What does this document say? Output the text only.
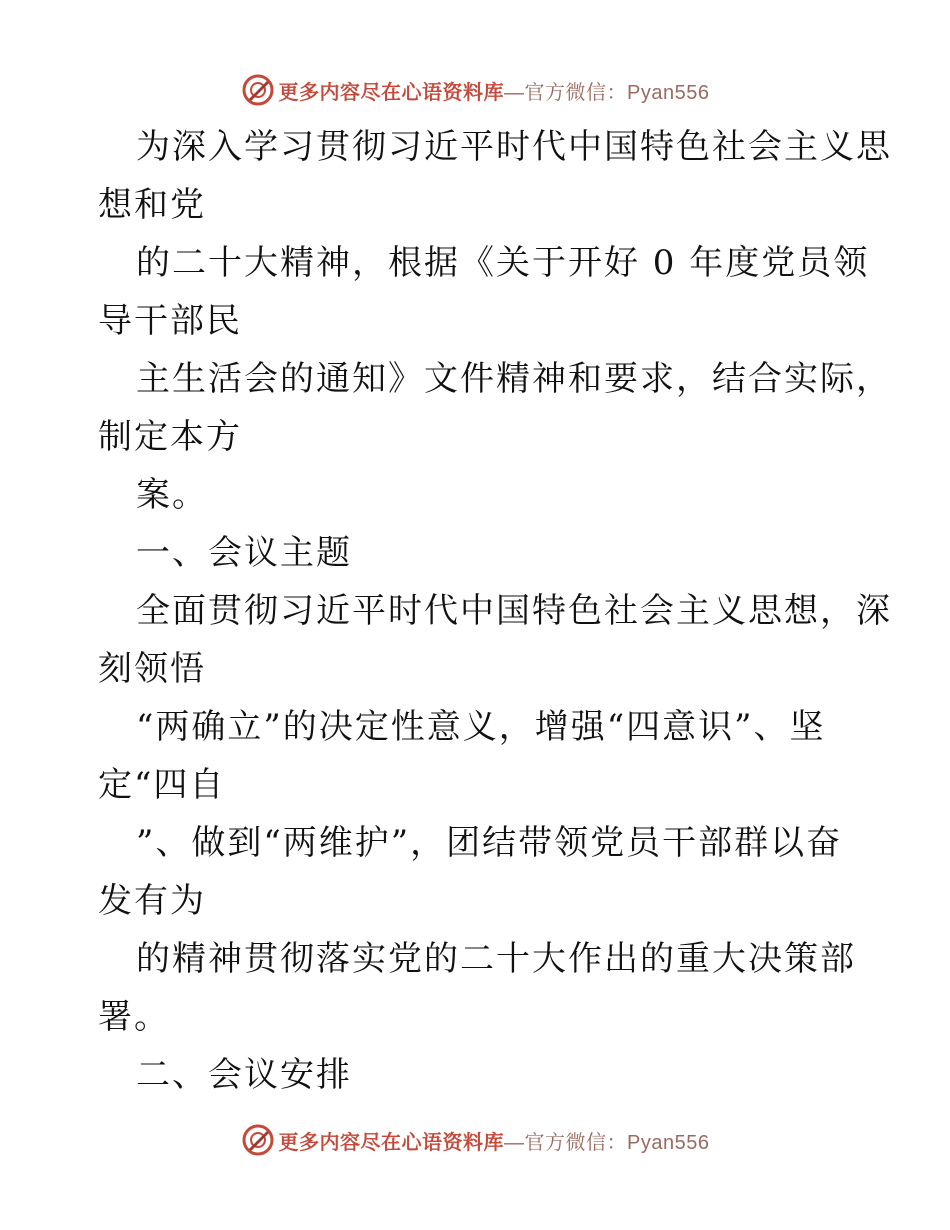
更多内容尽在心语资料库—官方微信：Pyan556
为深入学习贯彻习近平时代中国特色社会主义思
想和党
的二十大精神，根据《关于开好 0 年度党员领
导干部民
主生活会的通知》文件精神和要求，结合实际，
制定本方
案。
一、会议主题
全面贯彻习近平时代中国特色社会主义思想，深
刻领悟
“两确立”的决定性意义，增强“四意识”、坚
定“四自
”、做到“两维护”，团结带领党员干部群以奋
发有为
的精神贯彻落实党的二十大作出的重大决策部
署。
二、会议安排
更多内容尽在心语资料库—官方微信：Pyan556
